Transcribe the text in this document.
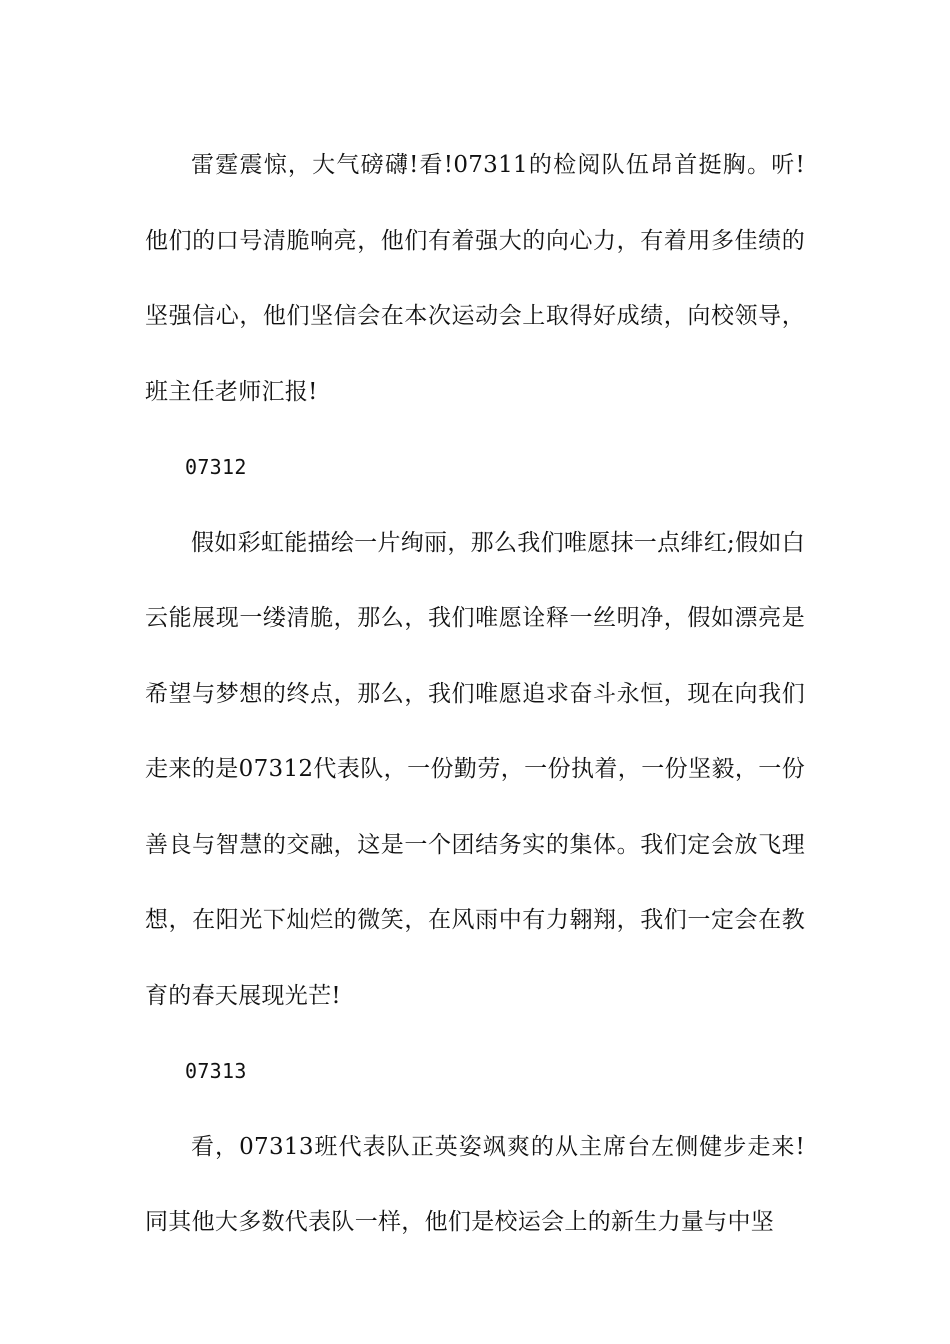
雷霆震惊，大气磅礴!看!07311的检阅队伍昂首挺胸。听!他们的口号清脆响亮，他们有着强大的向心力，有着用多佳绩的坚强信心，他们坚信会在本次运动会上取得好成绩，向校领导，班主任老师汇报!

07312

假如彩虹能描绘一片绚丽，那么我们唯愿抹一点绯红;假如白云能展现一缕清脆，那么，我们唯愿诠释一丝明净，假如漂亮是希望与梦想的终点，那么，我们唯愿追求奋斗永恒，现在向我们走来的是07312代表队，一份勤劳，一份执着，一份坚毅，一份善良与智慧的交融，这是一个团结务实的集体。我们定会放飞理想，在阳光下灿烂的微笑，在风雨中有力翱翔，我们一定会在教育的春天展现光芒!

07313

看，07313班代表队正英姿飒爽的从主席台左侧健步走来!同其他大多数代表队一样，他们是校运会上的新生力量与中坚
